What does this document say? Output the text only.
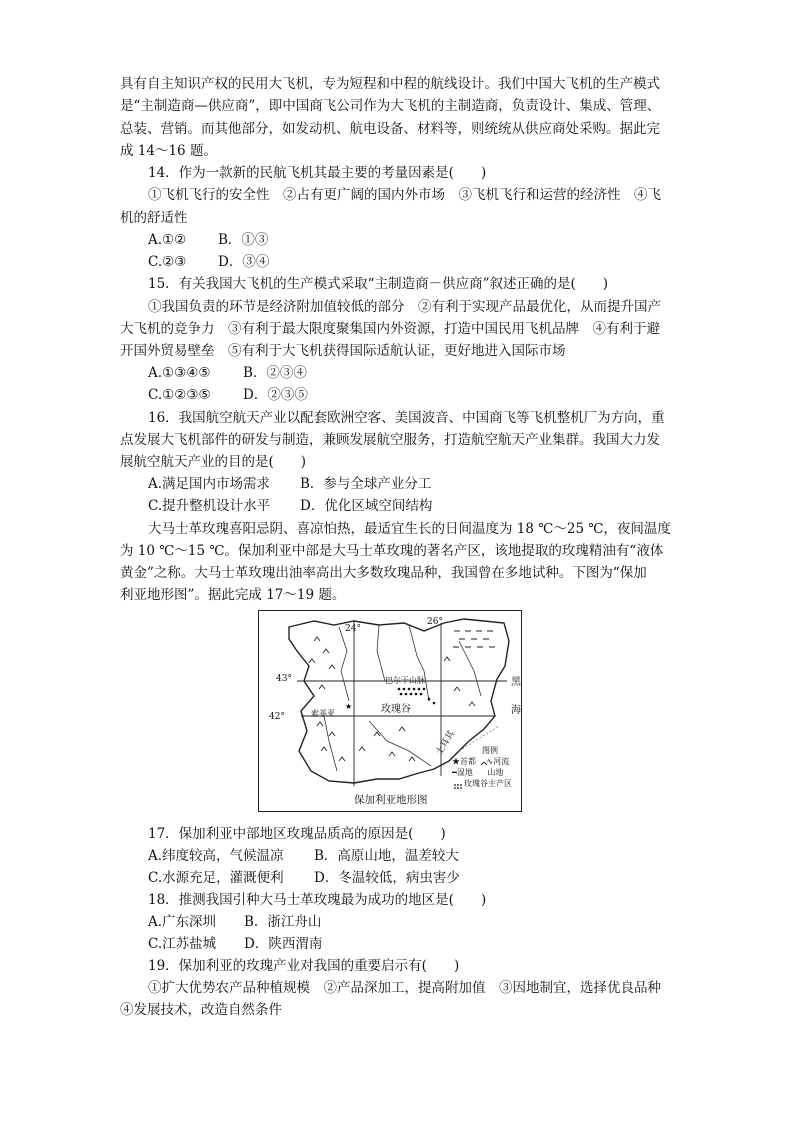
具有自主知识产权的民用大飞机，专为短程和中程的航线设计。我们中国大飞机的生产模式
是“主制造商—供应商”，即中国商飞公司作为大飞机的主制造商，负责设计、集成、管理、
总装、营销。而其他部分，如发动机、航电设备、材料等，则统统从供应商处采购。据此完
成 14～16 题。
14．作为一款新的民航飞机其最主要的考量因素是(　　)
①飞机飞行的安全性　②占有更广阔的国内外市场　③飞机飞行和运营的经济性　④飞
机的舒适性
A.①② B．①③
C.②③ D．③④
15．有关我国大飞机的生产模式采取“主制造商－供应商”叙述正确的是(　　)
①我国负责的环节是经济附加值较低的部分　②有利于实现产品最优化，从而提升国产
大飞机的竞争力　③有利于最大限度聚集国内外资源，打造中国民用飞机品牌　④有利于避
开国外贸易壁垒　⑤有利于大飞机获得国际适航认证，更好地进入国际市场
A.①③④⑤ B．②③④
C.①②③⑤ D．②③⑤
16．我国航空航天产业以配套欧洲空客、美国波音、中国商飞等飞机整机厂为方向，重
点发展大飞机部件的研发与制造，兼顾发展航空服务，打造航空航天产业集群。我国大力发
展航空航天产业的目的是(　　)
A.满足国内市场需求 B．参与全球产业分工
C.提升整机设计水平 D．优化区域空间结构
大马士革玫瑰喜阳忌阴、喜凉怕热，最适宜生长的日间温度为 18 ℃～25 ℃，夜间温度
为 10 ℃～15 ℃。保加利亚中部是大马士革玫瑰的著名产区，该地提取的玫瑰精油有“液体
黄金”之称。大马士革玫瑰出油率高出大多数玫瑰品种，我国曾在多地试种。下图为“保加
★
24°
26°
43°
42°
巴尔干山脉
玫瑰谷
索菲亚
黑
海
土耳其	图例
★首都 ∿河流
━湿地 山地
玫瑰谷主产区
保加利亚地形图
17．保加利亚中部地区玫瑰品质高的原因是(　　)
A.纬度较高，气候温凉 B．高原山地，温差较大
C.水源充足，灌溉便利 D．冬温较低，病虫害少
18．推测我国引种大马士革玫瑰最为成功的地区是(　　)
A.广东深圳 B．浙江舟山
C.江苏盐城 D．陕西渭南
19．保加利亚的玫瑰产业对我国的重要启示有(　　)
①扩大优势农产品种植规模　②产品深加工，提高附加值　③因地制宜，选择优良品种
④发展技术，改造自然条件
利亚地形图”。据此完成 17～19 题。
